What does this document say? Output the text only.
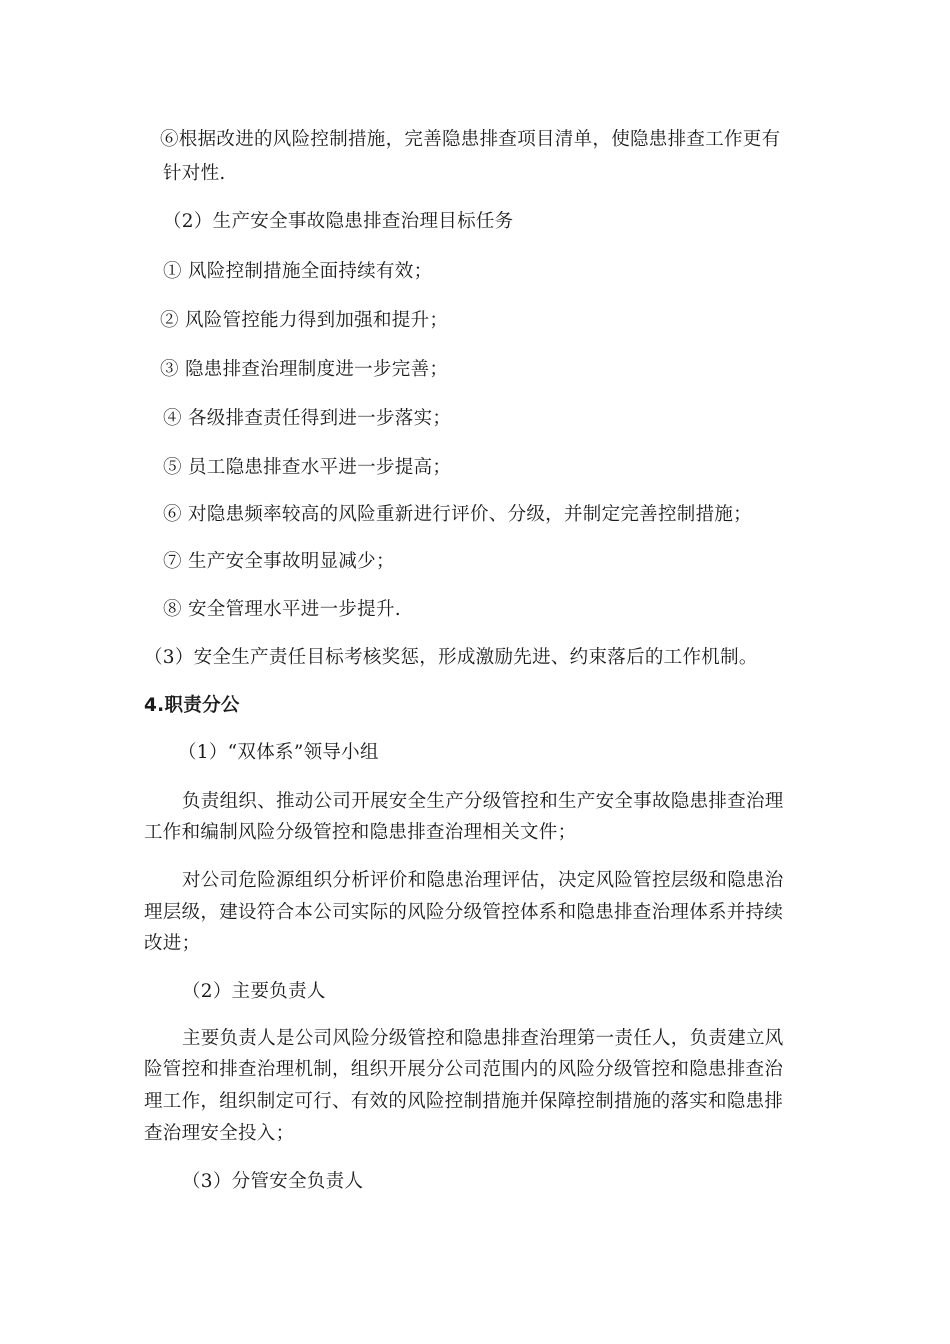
⑥根据改进的风险控制措施，完善隐患排查项目清单，使隐患排查工作更有
针对性.
（2）生产安全事故隐患排查治理目标任务
① 风险控制措施全面持续有效；
② 风险管控能力得到加强和提升；
③ 隐患排查治理制度进一步完善；
④ 各级排查责任得到进一步落实；
⑤ 员工隐患排查水平进一步提高；
⑥ 对隐患频率较高的风险重新进行评价、分级，并制定完善控制措施；
⑦ 生产安全事故明显减少；
⑧ 安全管理水平进一步提升.
（3）安全生产责任目标考核奖惩，形成激励先进、约束落后的工作机制。
4.职责分公
（1）“双体系”领导小组
负责组织、推动公司开展安全生产分级管控和生产安全事故隐患排查治理
工作和编制风险分级管控和隐患排查治理相关文件；
对公司危险源组织分析评价和隐患治理评估，决定风险管控层级和隐患治
理层级，建设符合本公司实际的风险分级管控体系和隐患排查治理体系并持续
改进；
（2）主要负责人
主要负责人是公司风险分级管控和隐患排查治理第一责任人，负责建立风
险管控和排查治理机制，组织开展分公司范围内的风险分级管控和隐患排查治
理工作，组织制定可行、有效的风险控制措施并保障控制措施的落实和隐患排
查治理安全投入；
（3）分管安全负责人
